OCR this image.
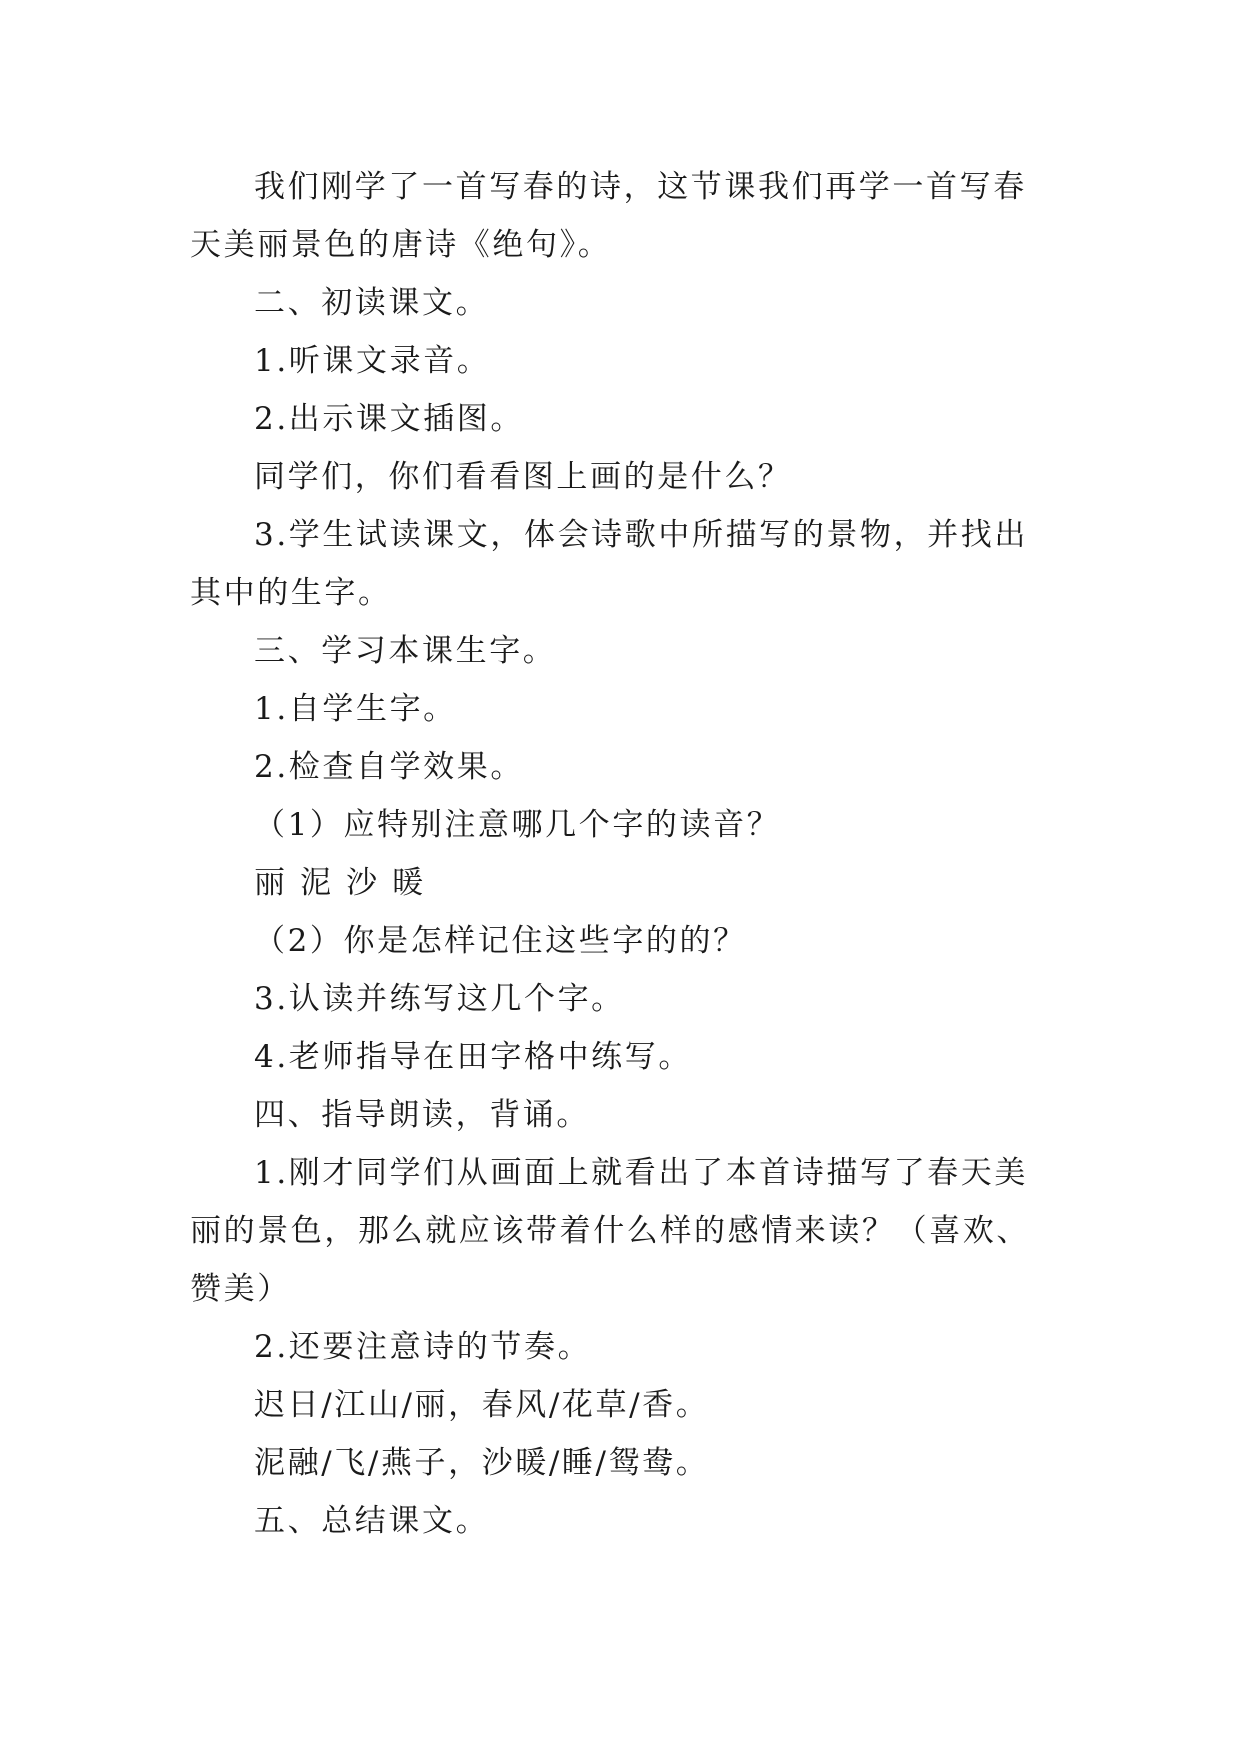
我们刚学了一首写春的诗，这节课我们再学一首写春天美丽景色的唐诗《绝句》。

二、初读课文。

1.听课文录音。

2.出示课文插图。

同学们，你们看看图上画的是什么？

3.学生试读课文，体会诗歌中所描写的景物，并找出其中的生字。

三、学习本课生字。

1.自学生字。

2.检查自学效果。

（1）应特别注意哪几个字的读音？

丽 泥 沙 暖

（2）你是怎样记住这些字的的？

3.认读并练写这几个字。

4.老师指导在田字格中练写。

四、指导朗读，背诵。

1.刚才同学们从画面上就看出了本首诗描写了春天美丽的景色，那么就应该带着什么样的感情来读？（喜欢、赞美）

2.还要注意诗的节奏。

迟日/江山/丽，春风/花草/香。

泥融/飞/燕子，沙暖/睡/鸳鸯。

五、总结课文。
